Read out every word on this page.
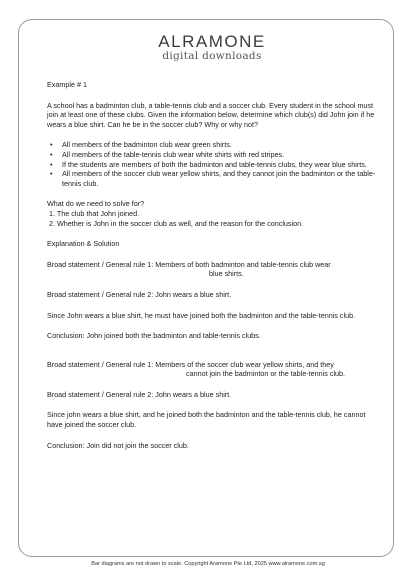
ALRAMONE
digital downloads

Example # 1

A school has a badminton club, a table-tennis club and a soccer club. Every student in the school must join at least one of these clubs. Given the information below, determine which club(s) did John join if he wears a blue shirt. Can he be in the soccer club? Why or why not?

• All members of the badminton club wear green shirts.
• All members of the table-tennis club wear white shirts with red stripes.
• If the students are members of both the badminton and table-tennis clubs, they wear blue shirts.
• All members of the soccer club wear yellow shirts, and they cannot join the badminton or the table-tennis club.

What do we need to solve for?

1. The club that John joined.
2. Whether is John in the soccer club as well, and the reason for the conclusion.

Explanation & Solution

Broad statement / General rule 1: Members of both badminton and table-tennis club wear

blue shirts.

Broad statement / General rule 2: John wears a blue shirt.

Since John wears a blue shirt, he must have joined both the badminton and the table-tennis club.

Conclusion: John joined both the badminton and table-tennis clubs.

Broad statement / General rule 1: Members of the soccer club wear yellow shirts, and they

cannot join the badminton or the table-tennis club.

Broad statement / General rule 2: John wears a blue shirt.

Since john wears a blue shirt, and he joined both the badminton and the table-tennis club, he cannot have joined the soccer club.

Conclusion: Join did not join the soccer club.

Bar diagrams are not drawn to scale. Copyright Aramone Pte Ltd, 2025 www.alramone.com.sg
